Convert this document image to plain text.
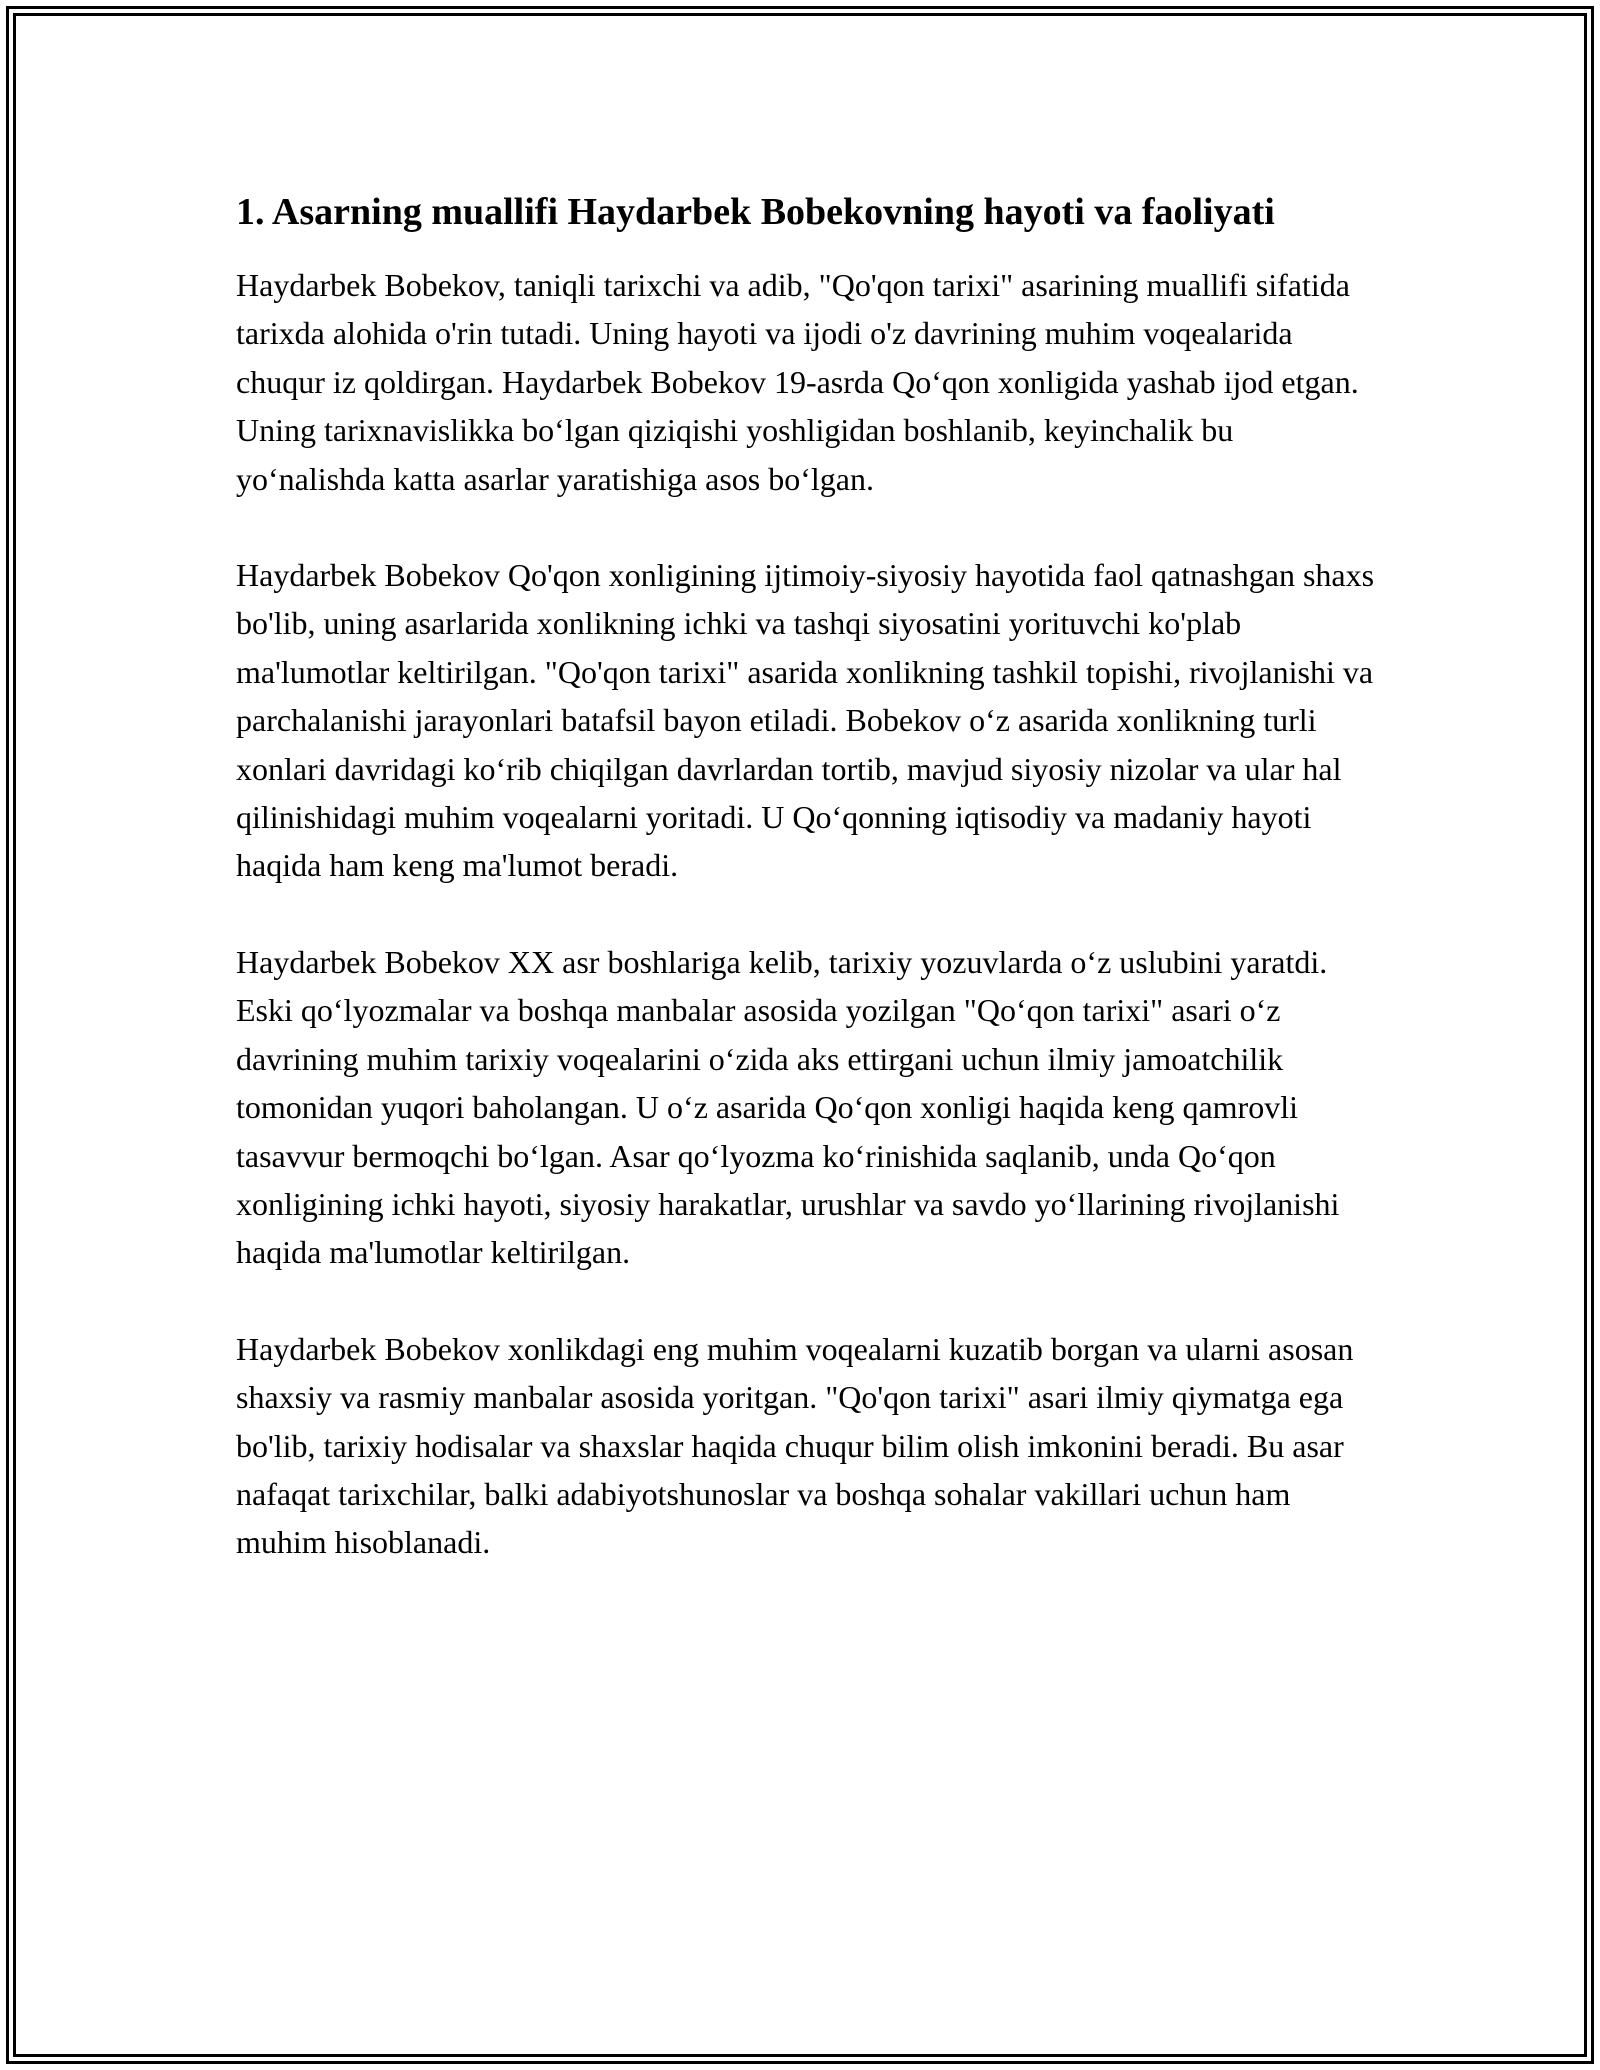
1. Asarning muallifi Haydarbek Bobekovning hayoti va faoliyati

Haydarbek Bobekov, taniqli tarixchi va adib, "Qo'qon tarixi" asarining muallifi sifatida tarixda alohida o'rin tutadi. Uning hayoti va ijodi o'z davrining muhim voqealarida chuqur iz qoldirgan. Haydarbek Bobekov 19-asrda Qoʻqon xonligida yashab ijod etgan. Uning tarixnavislikka boʻlgan qiziqishi yoshligidan boshlanib, keyinchalik bu yoʻnalishda katta asarlar yaratishiga asos boʻlgan.

Haydarbek Bobekov Qo'qon xonligining ijtimoiy-siyosiy hayotida faol qatnashgan shaxs bo'lib, uning asarlarida xonlikning ichki va tashqi siyosatini yorituvchi ko'plab ma'lumotlar keltirilgan. "Qo'qon tarixi" asarida xonlikning tashkil topishi, rivojlanishi va parchalanishi jarayonlari batafsil bayon etiladi. Bobekov oʻz asarida xonlikning turli xonlari davridagi koʻrib chiqilgan davrlardan tortib, mavjud siyosiy nizolar va ular hal qilinishidagi muhim voqealarni yoritadi. U Qoʻqonning iqtisodiy va madaniy hayoti haqida ham keng ma'lumot beradi.

Haydarbek Bobekov XX asr boshlariga kelib, tarixiy yozuvlarda oʻz uslubini yaratdi. Eski qoʻlyozmalar va boshqa manbalar asosida yozilgan "Qoʻqon tarixi" asari oʻz davrining muhim tarixiy voqealarini oʻzida aks ettirgani uchun ilmiy jamoatchilik tomonidan yuqori baholangan. U oʻz asarida Qoʻqon xonligi haqida keng qamrovli tasavvur bermoqchi boʻlgan. Asar qoʻlyozma koʻrinishida saqlanib, unda Qoʻqon xonligining ichki hayoti, siyosiy harakatlar, urushlar va savdo yoʻllarining rivojlanishi haqida ma'lumotlar keltirilgan.

Haydarbek Bobekov xonlikdagi eng muhim voqealarni kuzatib borgan va ularni asosan shaxsiy va rasmiy manbalar asosida yoritgan. "Qo'qon tarixi" asari ilmiy qiymatga ega bo'lib, tarixiy hodisalar va shaxslar haqida chuqur bilim olish imkonini beradi. Bu asar nafaqat tarixchilar, balki adabiyotshunoslar va boshqa sohalar vakillari uchun ham muhim hisoblanadi.
